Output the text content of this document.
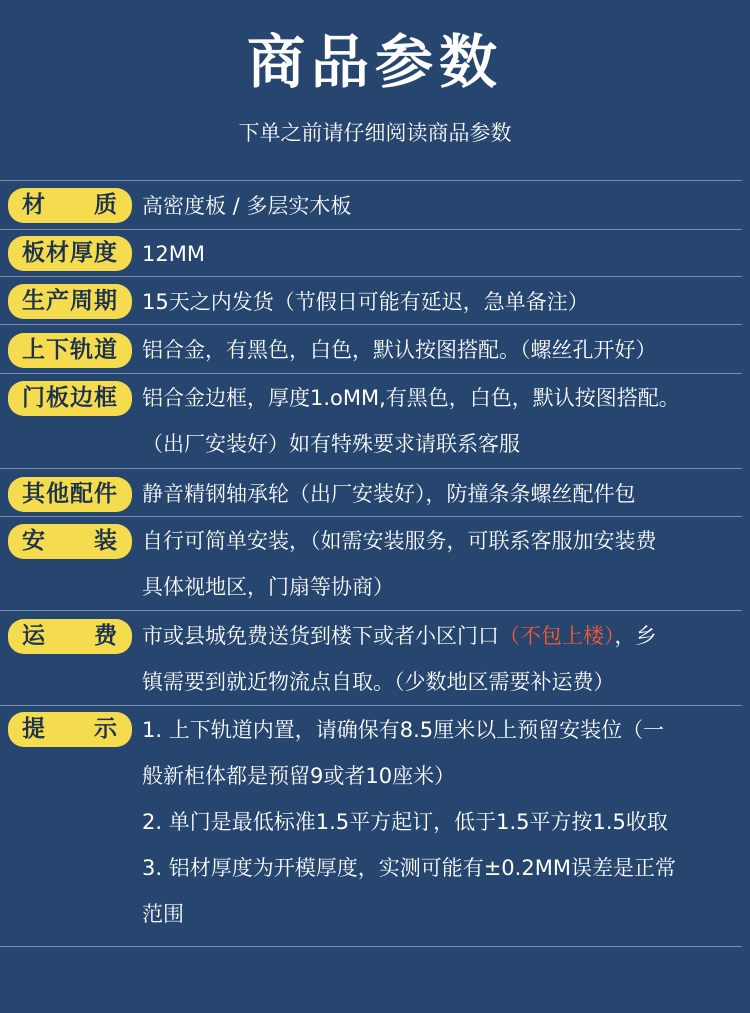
商品参数
下单之前请仔细阅读商品参数
材 质 高密度板 / 多层实木板
板材厚度	12MM
生产周期	15天之内发货（节假日可能有延迟，急单备注）
上下轨道	铝合金，有黑色，白色，默认按图搭配。（螺丝孔开好）
门板边框	铝合金边框，厚度1.oMM,有黑色，白色，默认按图搭配。
（出厂安装好）如有特殊要求请联系客服
其他配件	静音精钢轴承轮（出厂安装好），防撞条条螺丝配件包
安 装 自行可简单安装，（如需安装服务，可联系客服加安装费
具体视地区，门扇等协商）
运 费 市或县城免费送货到楼下或者小区门口（不包上楼），乡
镇需要到就近物流点自取。（少数地区需要补运费）
提 示 1. 上下轨道内置，请确保有8.5厘米以上预留安装位（一
般新柜体都是预留9或者10座米）
2. 单门是最低标准1.5平方起订，低于1.5平方按1.5收取
3. 铝材厚度为开模厚度，实测可能有±0.2MM误差是正常
范围
